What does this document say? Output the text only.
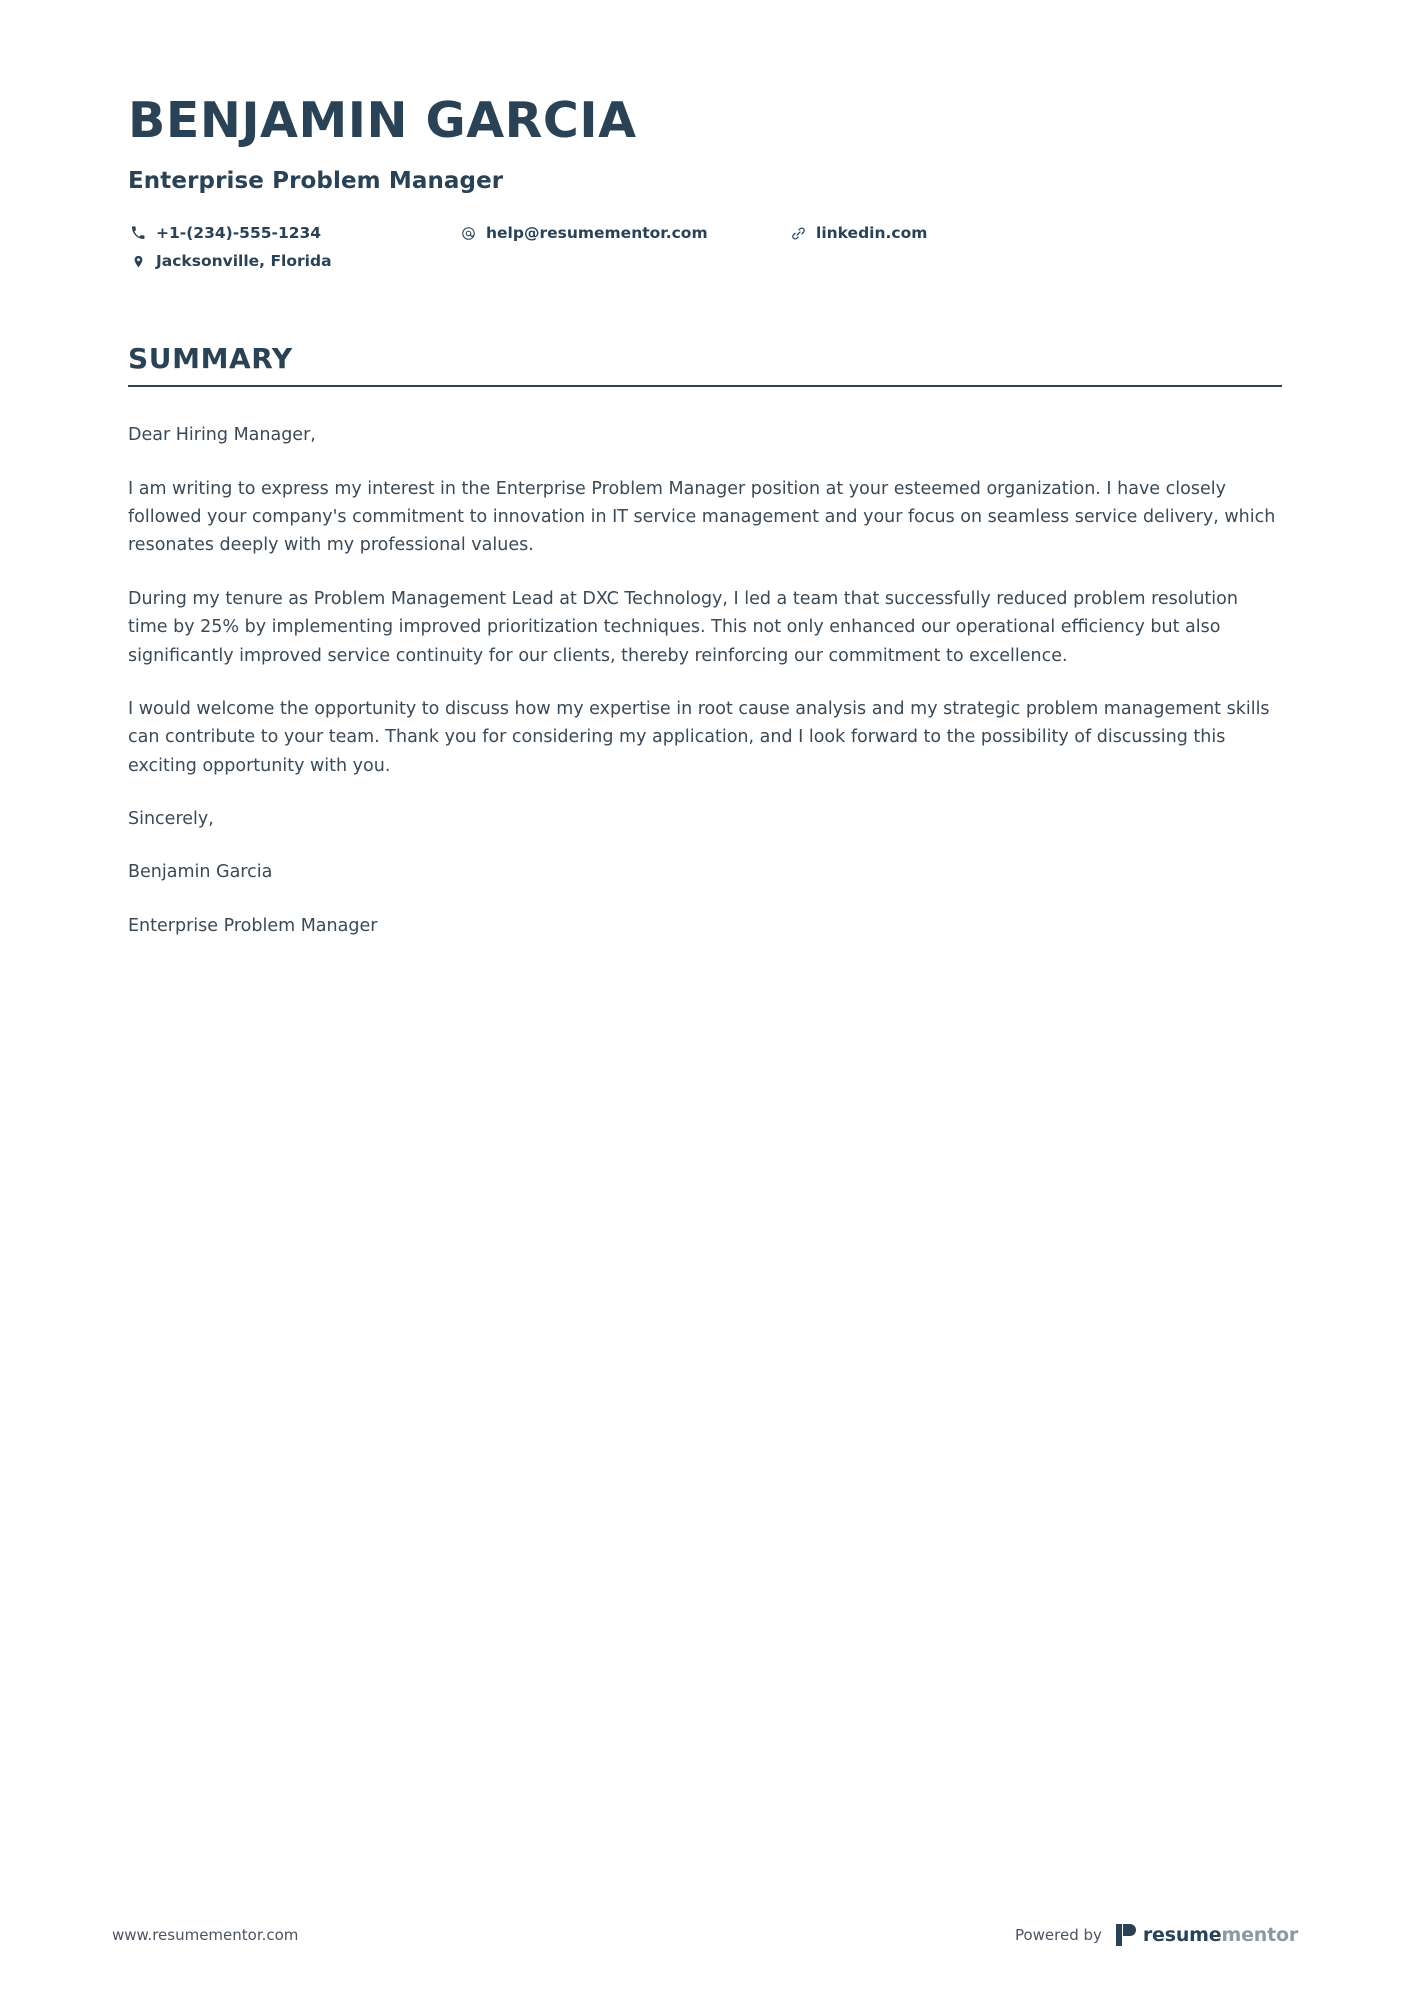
BENJAMIN GARCIA
Enterprise Problem Manager
+1-(234)-555-1234	help@resumementor.com	linkedin.com
Jacksonville, Florida
SUMMARY

Dear Hiring Manager,

I am writing to express my interest in the Enterprise Problem Manager position at your esteemed organization. I have closely followed your company's commitment to innovation in IT service management and your focus on seamless service delivery, which resonates deeply with my professional values.

During my tenure as Problem Management Lead at DXC Technology, I led a team that successfully reduced problem resolution time by 25% by implementing improved prioritization techniques. This not only enhanced our operational efficiency but also significantly improved service continuity for our clients, thereby reinforcing our commitment to excellence.

I would welcome the opportunity to discuss how my expertise in root cause analysis and my strategic problem management skills can contribute to your team. Thank you for considering my application, and I look forward to the possibility of discussing this exciting opportunity with you.

Sincerely,

Benjamin Garcia

Enterprise Problem Manager

www.resumementor.com	Powered by resumementor
